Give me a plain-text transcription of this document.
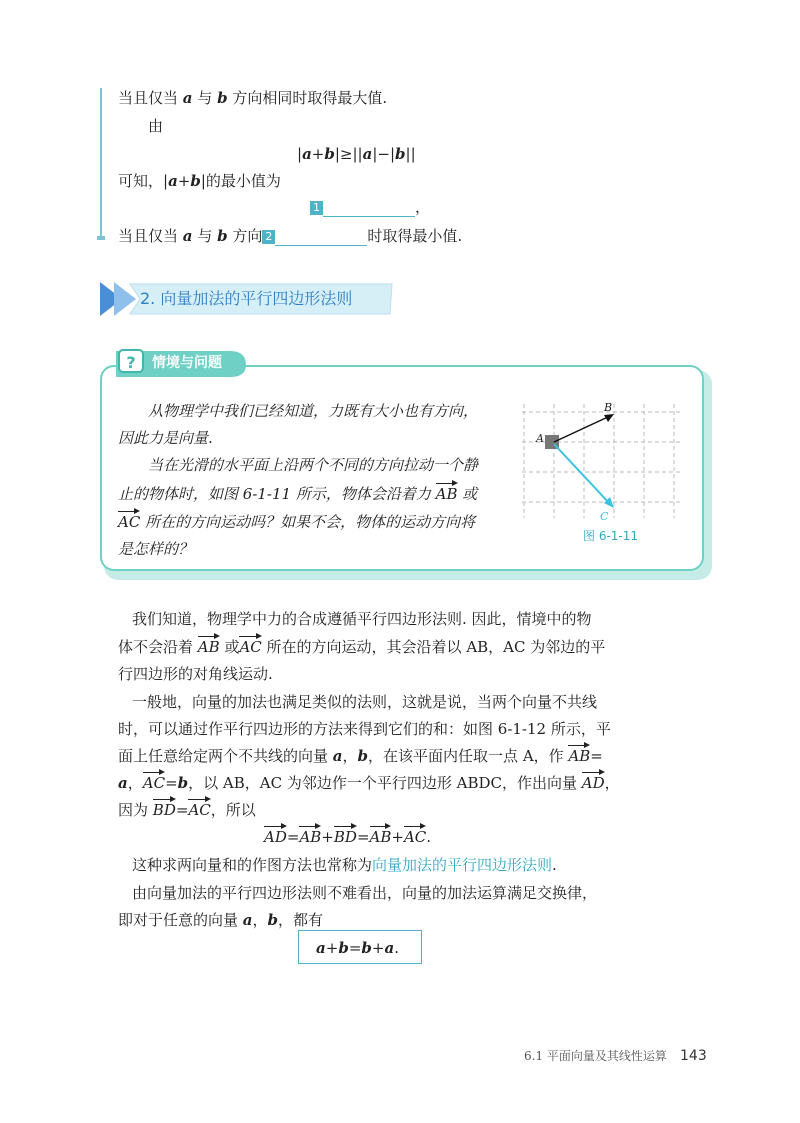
当且仅当 a 与 b 方向相同时取得最大值.
由
|a+b|≥||a|−|b||
可知，|a+b|的最小值为
1	，
当且仅当 a 与 b 方向 2	时取得最小值.
2. 向量加法的平行四边形法则
? 情境与问题
从物理学中我们已经知道，力既有大小也有方向，
因此力是向量.
当在光滑的水平面上沿两个不同的方向拉动一个静
止的物体时，如图 6-1-11 所示，物体会沿着力 AB 或
AC 所在的方向运动吗？如果不会，物体的运动方向将
是怎样的？
A
B
C
图 6-1-11
我们知道，物理学中力的合成遵循平行四边形法则. 因此，情境中的物
体不会沿着 AB 或AC 所在的方向运动，其会沿着以 AB，AC 为邻边的平
行四边形的对角线运动.
一般地，向量的加法也满足类似的法则，这就是说，当两个向量不共线
时，可以通过作平行四边形的方法来得到它们的和：如图 6-1-12 所示，平
面上任意给定两个不共线的向量 a，b，在该平面内任取一点 A，作 AB=
a，AC=b，以 AB，AC 为邻边作一个平行四边形 ABDC，作出向量 AD，
因为 BD=AC，所以
AD=AB+BD=AB+AC.
这种求两向量和的作图方法也常称为向量加法的平行四边形法则.
由向量加法的平行四边形法则不难看出，向量的加法运算满足交换律，
即对于任意的向量 a，b，都有
a+b=b+a.
6.1 平面向量及其线性运算 143
